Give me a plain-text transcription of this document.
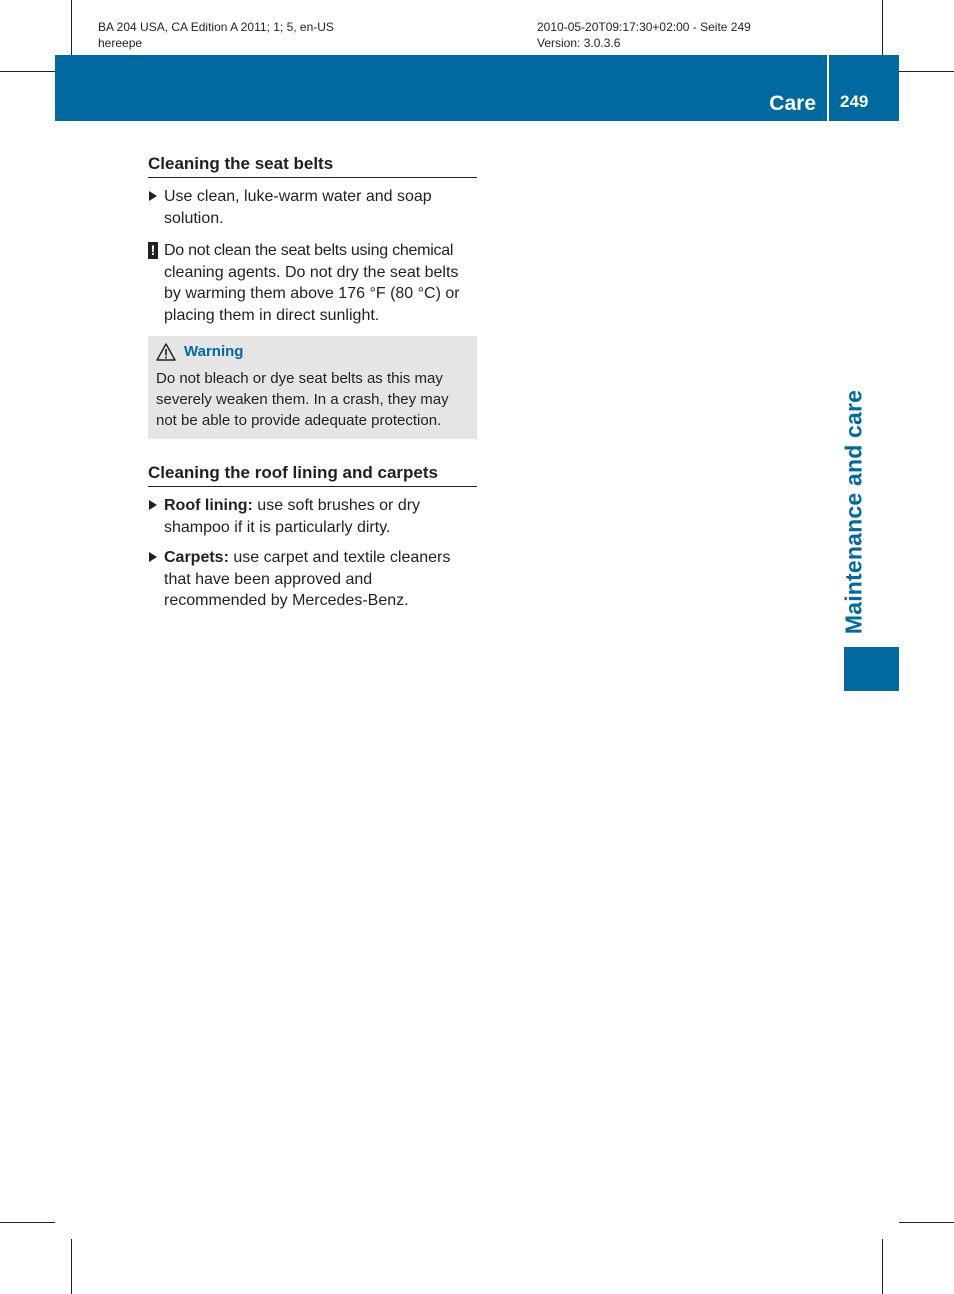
BA 204 USA, CA Edition A 2011; 1; 5, en-US
hereepe
2010-05-20T09:17:30+02:00 - Seite 249
Version: 3.0.3.6
Care 249
Maintenance and care
Cleaning the seat belts
Use clean, luke-warm water and soap solution.
! Do not clean the seat belts using chemical cleaning agents. Do not dry the seat belts by warming them above 176 °F (80 °C) or placing them in direct sunlight.
Warning
Do not bleach or dye seat belts as this may severely weaken them. In a crash, they may not be able to provide adequate protection.
Cleaning the roof lining and carpets
Roof lining: use soft brushes or dry shampoo if it is particularly dirty.
Carpets: use carpet and textile cleaners that have been approved and recommended by Mercedes-Benz.
